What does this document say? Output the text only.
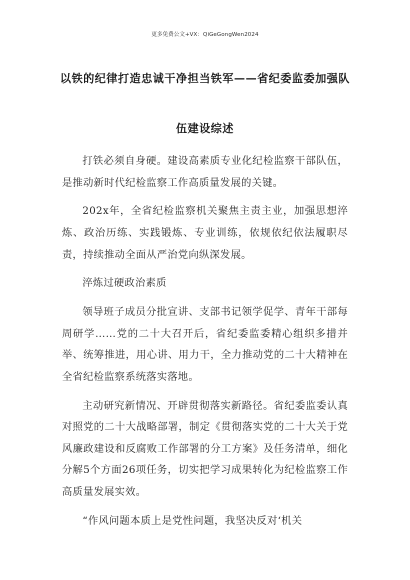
更多免费公文+VX：QiGeGongWen2024
以铁的纪律打造忠诚干净担当铁军——省纪委监委加强队
伍建设综述

打铁必须自身硬。建设高素质专业化纪检监察干部队伍，是推动新时代纪检监察工作高质量发展的关键。

202x年，全省纪检监察机关聚焦主责主业，加强思想淬炼、政治历练、实践锻炼、专业训练，依规依纪依法履职尽责，持续推动全面从严治党向纵深发展。

淬炼过硬政治素质

领导班子成员分批宣讲、支部书记领学促学、青年干部每周研学……党的二十大召开后，省纪委监委精心组织多措并举、统筹推进，用心讲、用力干，全力推动党的二十大精神在全省纪检监察系统落实落地。

主动研究新情况、开辟贯彻落实新路径。省纪委监委认真对照党的二十大战略部署，制定《贯彻落实党的二十大关于党风廉政建设和反腐败工作部署的分工方案》及任务清单，细化分解5个方面26项任务，切实把学习成果转化为纪检监察工作高质量发展实效。

“作风问题本质上是党性问题，我坚决反对‘机关
